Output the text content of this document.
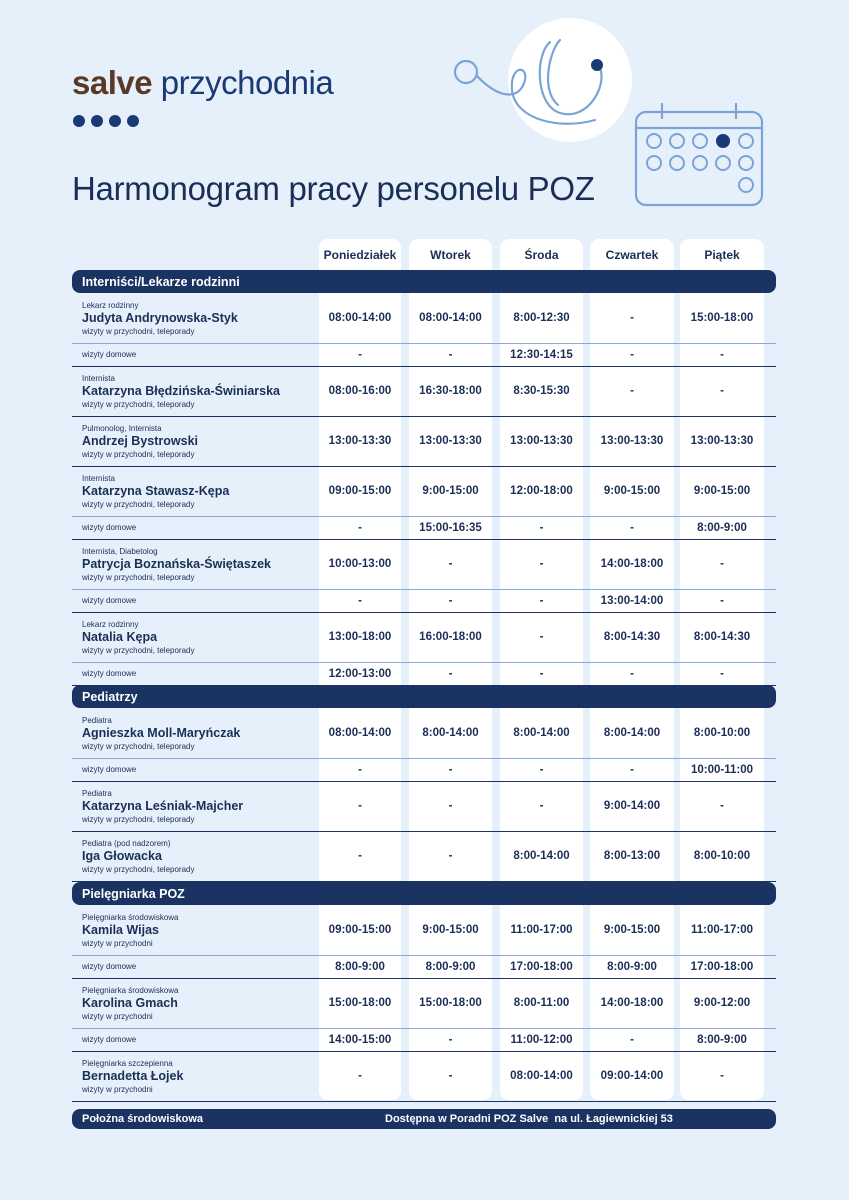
salve przychodnia
Harmonogram pracy personelu POZ
Poniedziałek	Wtorek	Środa	Czwartek	Piątek
Interniści/Lekarze rodzinni
Lekarz rodzinny
Judyta Andrynowska-Styk
wizyty w przychodni, teleporady
08:00-14:00	08:00-14:00	8:00-12:30	-	15:00-18:00
wizyty domowe	-	-	12:30-14:15	-	-
Internista
Katarzyna Błędzińska-Świniarska
wizyty w przychodni, teleporady
08:00-16:00	16:30-18:00	8:30-15:30	-	-
Pulmonolog, Internista
Andrzej Bystrowski
wizyty w przychodni, teleporady
13:00-13:30	13:00-13:30	13:00-13:30	13:00-13:30	13:00-13:30
Internista
Katarzyna Stawasz-Kępa
wizyty w przychodni, teleporady
09:00-15:00	9:00-15:00	12:00-18:00	9:00-15:00	9:00-15:00
wizyty domowe	-	15:00-16:35	-	-	8:00-9:00
Internista, Diabetolog
Patrycja Boznańska-Świętaszek
wizyty w przychodni, teleporady
10:00-13:00	-	-	14:00-18:00	-
wizyty domowe	-	-	-	13:00-14:00	-
Lekarz rodzinny
Natalia Kępa
wizyty w przychodni, teleporady
13:00-18:00	16:00-18:00	-	8:00-14:30	8:00-14:30
wizyty domowe	12:00-13:00	-	-	-	-
Pediatrzy
Pediatra
Agnieszka Moll-Maryńczak
wizyty w przychodni, teleporady
08:00-14:00	8:00-14:00	8:00-14:00	8:00-14:00	8:00-10:00
wizyty domowe	-	-	-	-	10:00-11:00
Pediatra
Katarzyna Leśniak-Majcher
wizyty w przychodni, teleporady
-	-	-	9:00-14:00	-
Pediatra (pod nadzorem)
Iga Głowacka
wizyty w przychodni, teleporady
-	-	8:00-14:00	8:00-13:00	8:00-10:00
Pielęgniarka POZ
Pielęgniarka środowiskowa
Kamila Wijas
wizyty w przychodni
09:00-15:00	9:00-15:00	11:00-17:00	9:00-15:00	11:00-17:00
wizyty domowe	8:00-9:00	8:00-9:00	17:00-18:00	8:00-9:00	17:00-18:00
Pielęgniarka środowiskowa
Karolina Gmach
wizyty w przychodni
15:00-18:00	15:00-18:00	8:00-11:00	14:00-18:00	9:00-12:00
wizyty domowe	14:00-15:00	-	11:00-12:00	-	8:00-9:00
Pielęgniarka szczepienna
Bernadetta Łojek
wizyty w przychodni
-	-	08:00-14:00	09:00-14:00	-
Położna środowiskowa	Dostępna w Poradni POZ Salve  na ul. Łagiewnickiej 53
